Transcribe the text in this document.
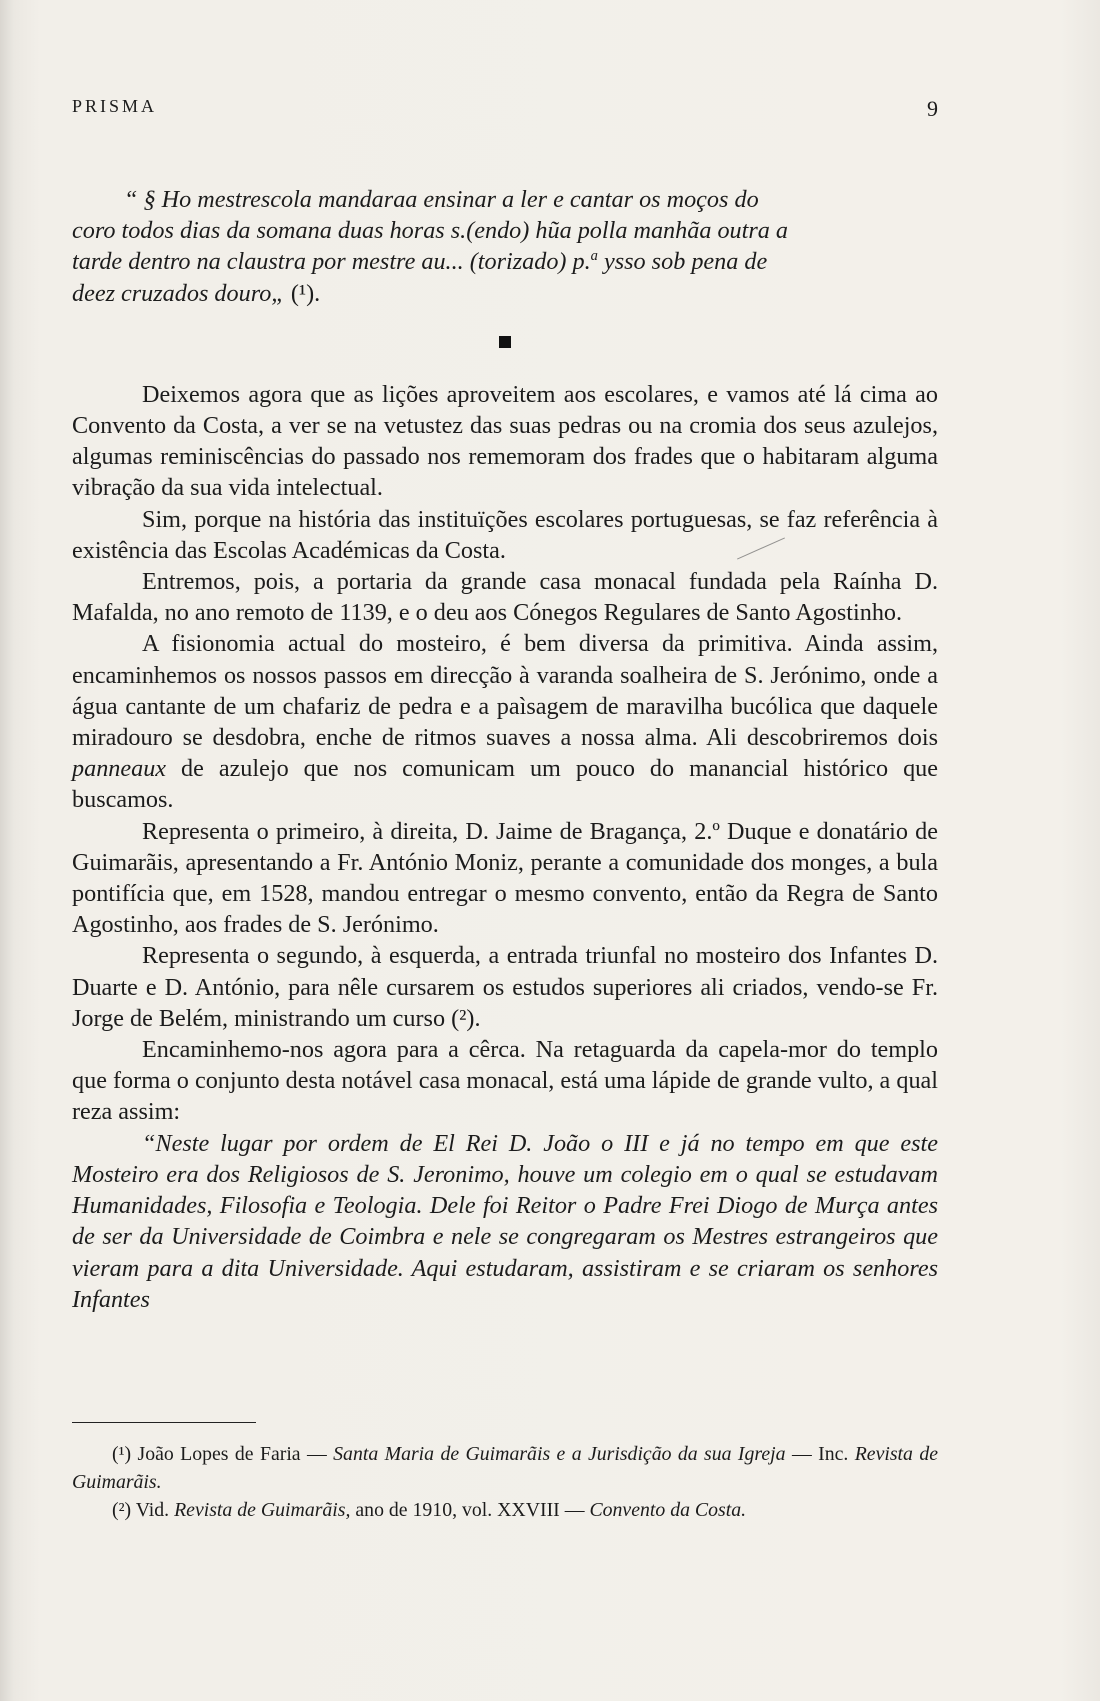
PRISMA	9

“ § Ho mestrescola mandaraa ensinar a ler e cantar os moços do
coro todos dias da somana duas horas s.(endo) hũa polla manhãa outra a
tarde dentro na claustra por mestre au... (torizado) p.$^a$ ysso sob pena de
deez cruzados douro„ (¹).

Deixemos agora que as lições aproveitem aos escolares, e vamos até lá cima ao Convento da Costa, a ver se na vetustez das suas pedras ou na cromia dos seus azulejos, algumas reminiscências do passado nos rememoram dos frades que o habitaram alguma vibração da sua vida intelectual.

Sim, porque na história das instituïções escolares portuguesas, se faz referência à existência das Escolas Académicas da Costa.

Entremos, pois, a portaria da grande casa monacal fundada pela Raínha D. Mafalda, no ano remoto de 1139, e o deu aos Cónegos Regulares de Santo Agostinho.

A fisionomia actual do mosteiro, é bem diversa da primitiva. Ainda assim, encaminhemos os nossos passos em direcção à varanda soalheira de S. Jerónimo, onde a água cantante de um chafariz de pedra e a paìsagem de maravilha bucólica que daquele miradouro se desdobra, enche de ritmos suaves a nossa alma. Ali descobriremos dois panneaux de azulejo que nos comunicam um pouco do manancial histórico que buscamos.

Representa o primeiro, à direita, D. Jaime de Bragança, 2.º Duque e donatário de Guimarãis, apresentando a Fr. António Moniz, perante a comunidade dos monges, a bula pontifícia que, em 1528, mandou entregar o mesmo convento, então da Regra de Santo Agostinho, aos frades de S. Jerónimo.

Representa o segundo, à esquerda, a entrada triunfal no mosteiro dos Infantes D. Duarte e D. António, para nêle cursarem os estudos superiores ali criados, vendo-se Fr. Jorge de Belém, ministrando um curso (²).

Encaminhemo-nos agora para a cêrca. Na retaguarda da capela-mor do templo que forma o conjunto desta notável casa monacal, está uma lápide de grande vulto, a qual reza assim:

“Neste lugar por ordem de El Rei D. João o III e já no tempo em que este Mosteiro era dos Religiosos de S. Jeronimo, houve um colegio em o qual se estudavam Humanidades, Filosofia e Teologia. Dele foi Reitor o Padre Frei Diogo de Murça antes de ser da Universidade de Coimbra e nele se congregaram os Mestres estrangeiros que vieram para a dita Universidade. Aqui estudaram, assistiram e se criaram os senhores Infantes

(¹) João Lopes de Faria — Santa Maria de Guimarãis e a Jurisdição da sua Igreja — Inc. Revista de Guimarãis.

(²) Vid. Revista de Guimarãis, ano de 1910, vol. XXVIII — Convento da Costa.
